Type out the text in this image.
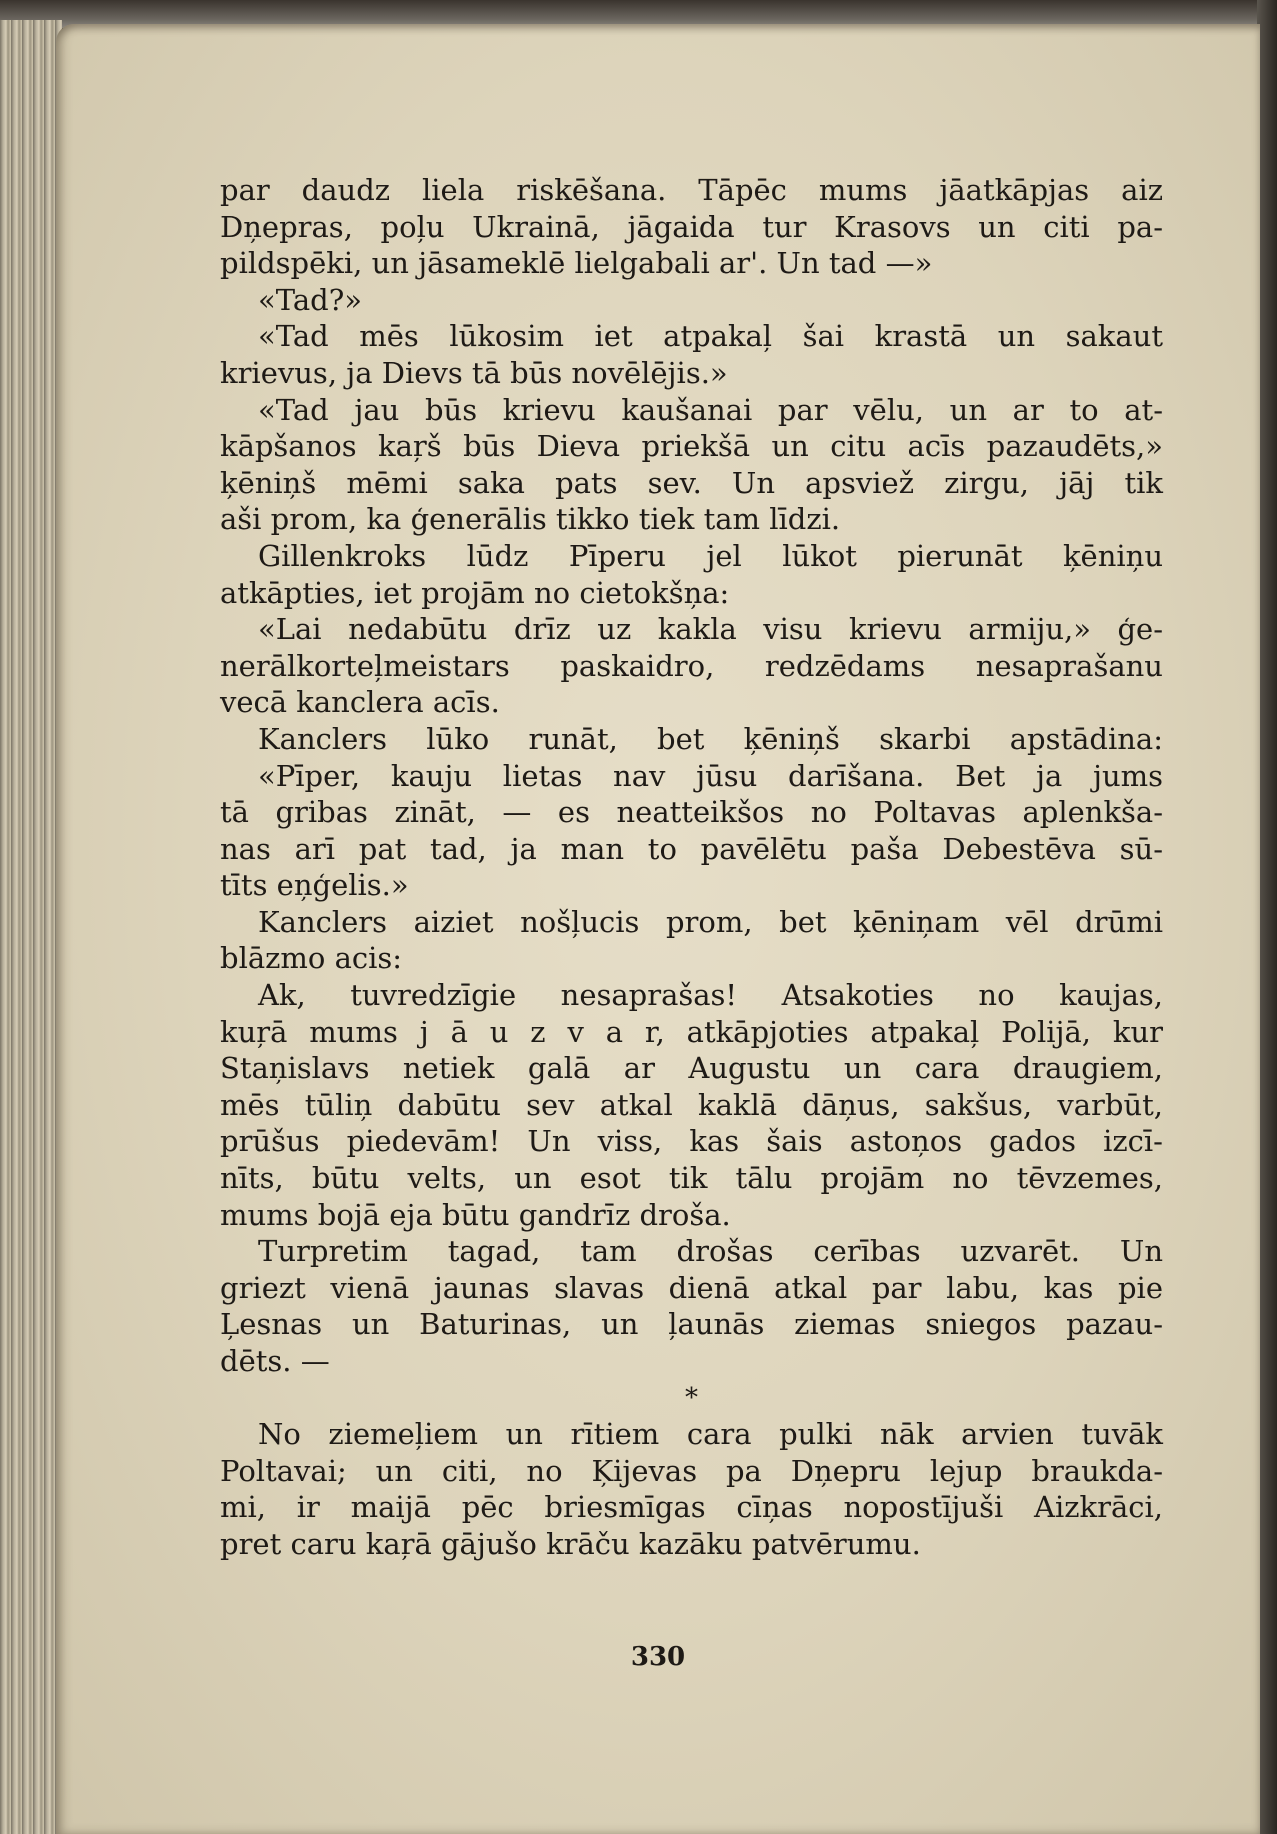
par daudz liela riskēšana. Tāpēc mums jāatkāpjas aiz
Dņepras, poļu Ukrainā, jāgaida tur Krasovs un citi pa-
pildspēki, un jāsameklē lielgabali ar'. Un tad —»
«Tad?»
«Tad mēs lūkosim iet atpakaļ šai krastā un sakaut
krievus, ja Dievs tā būs novēlējis.»
«Tad jau būs krievu kaušanai par vēlu, un ar to at-
kāpšanos kaŗš būs Dieva priekšā un citu acīs pazaudēts,»
ķēniņš mēmi saka pats sev. Un apsviež zirgu, jāj tik
aši prom, ka ģenerālis tikko tiek tam līdzi.
Gillenkroks lūdz Pīperu jel lūkot pierunāt ķēniņu
atkāpties, iet projām no cietokšņa:
«Lai nedabūtu drīz uz kakla visu krievu armiju,» ģe-
nerālkorteļmeistars paskaidro, redzēdams nesaprašanu
vecā kanclera acīs.
Kanclers lūko runāt, bet ķēniņš skarbi apstādina:
«Pīper, kauju lietas nav jūsu darīšana. Bet ja jums
tā gribas zināt, — es neatteikšos no Poltavas aplenkša-
nas arī pat tad, ja man to pavēlētu paša Debestēva sū-
tīts eņģelis.»
Kanclers aiziet nošļucis prom, bet ķēniņam vēl drūmi
blāzmo acis:
Ak, tuvredzīgie nesaprašas! Atsakoties no kaujas,
kuŗā mums j ā u z v a r, atkāpjoties atpakaļ Polijā, kur
Staņislavs netiek galā ar Augustu un cara draugiem,
mēs tūliņ dabūtu sev atkal kaklā dāņus, sakšus, varbūt,
prūšus piedevām! Un viss, kas šais astoņos gados izcī-
nīts, būtu velts, un esot tik tālu projām no tēvzemes,
mums bojā eja būtu gandrīz droša.
Turpretim tagad, tam drošas cerības uzvarēt. Un
griezt vienā jaunas slavas dienā atkal par labu, kas pie
Ļesnas un Baturinas, un ļaunās ziemas sniegos pazau-
dēts. —
*
No ziemeļiem un rītiem cara pulki nāk arvien tuvāk
Poltavai; un citi, no Ķijevas pa Dņepru lejup braukda-
mi, ir maijā pēc briesmīgas cīņas nopostījuši Aizkrāci,
pret caru kaŗā gājušo krāču kazāku patvērumu.
330
